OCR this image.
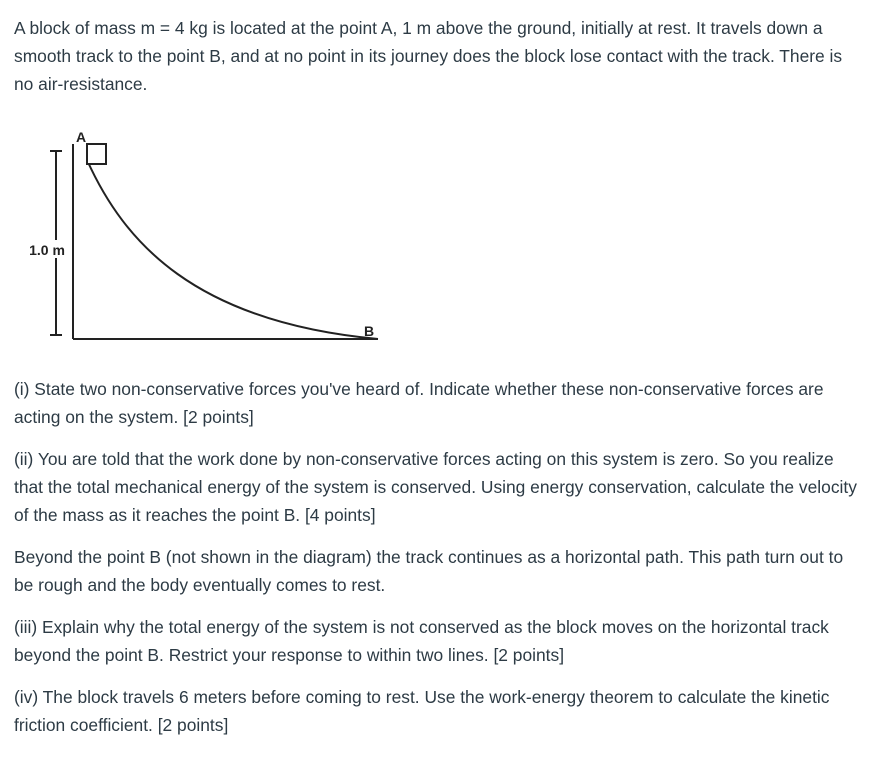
A block of mass m = 4 kg is located at the point A, 1 m above the ground, initially at rest. It travels down a smooth track to the point B, and at no point in its journey does the block lose contact with the track. There is no air-resistance.

1.0 m
A
B

(i) State two non-conservative forces you've heard of. Indicate whether these non-conservative forces are acting on the system. [2 points]

(ii) You are told that the work done by non-conservative forces acting on this system is zero. So you realize that the total mechanical energy of the system is conserved. Using energy conservation, calculate the velocity of the mass as it reaches the point B. [4 points]

Beyond the point B (not shown in the diagram) the track continues as a horizontal path. This path turn out to be rough and the body eventually comes to rest.

(iii) Explain why the total energy of the system is not conserved as the block moves on the horizontal track beyond the point B. Restrict your response to within two lines. [2 points]

(iv) The block travels 6 meters before coming to rest. Use the work-energy theorem to calculate the kinetic friction coefficient. [2 points]
